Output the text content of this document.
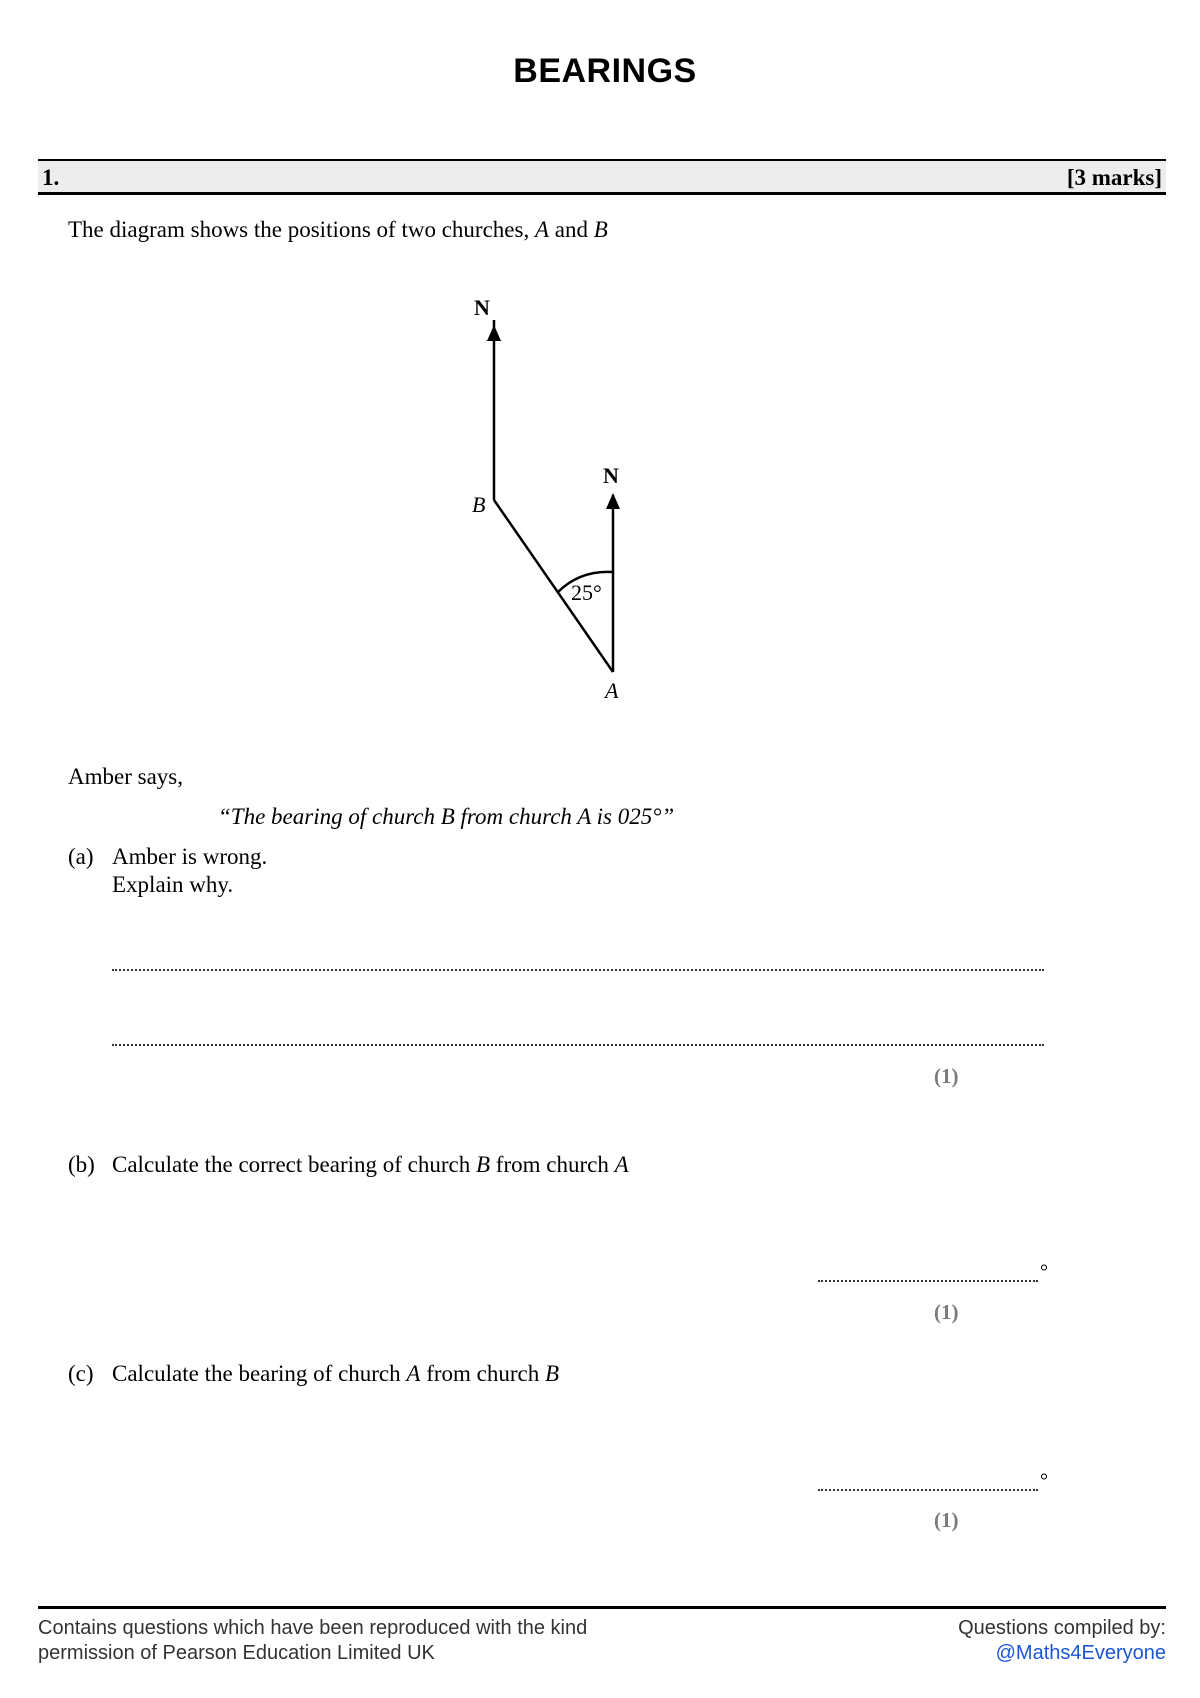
BEARINGS
1.	[3 marks]
The diagram shows the positions of two churches, A and B
N
N
B
A
25°
Amber says,
“The bearing of church B from church A is 025°”
(a) Amber is wrong.
Explain why.
(1)
(b) Calculate the correct bearing of church B from church A
°
(1)
(c) Calculate the bearing of church A from church B
°
(1)
Contains questions which have been reproduced with the kind
permission of Pearson Education Limited UK
Questions compiled by:
@Maths4Everyone
